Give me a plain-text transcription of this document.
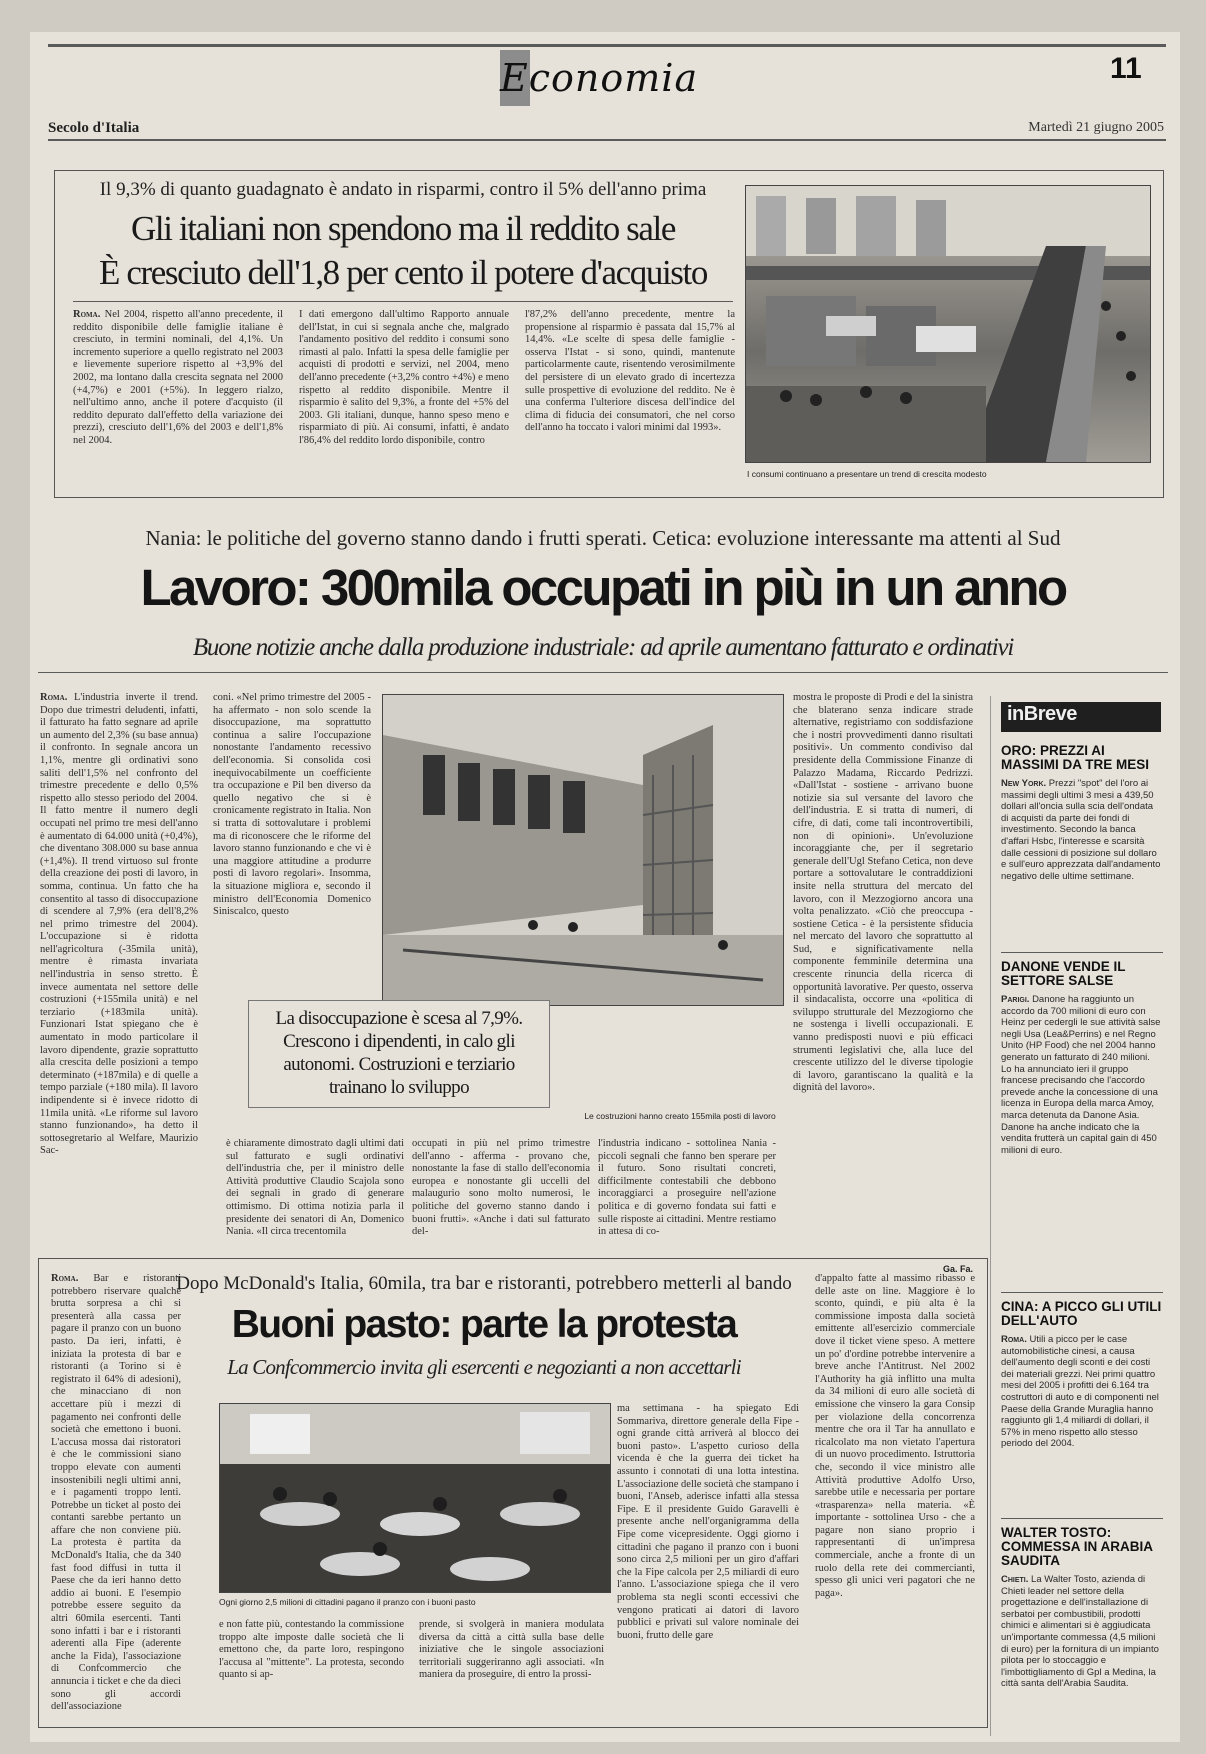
Economia	11
Secolo d'Italia	Martedì 21 giugno 2005
Il 9,3% di quanto guadagnato è andato in risparmi, contro il 5% dell'anno prima
Gli italiani non spendono ma il reddito sale
È cresciuto dell'1,8 per cento il potere d'acquisto
Roma. Nel 2004, rispetto all'anno precedente, il reddito disponibile delle famiglie italiane è cresciuto, in termini nominali, del 4,1%. Un incremento superiore a quello registrato nel 2003 e lievemente superiore rispetto al +3,9% del 2002, ma lontano dalla crescita segnata nel 2000 (+4,7%) e 2001 (+5%). In leggero rialzo, nell'ultimo anno, anche il potere d'acquisto (il reddito depurato dall'effetto della variazione dei prezzi), cresciuto dell'1,6% del 2003 e dell'1,8% nel 2004.
I dati emergono dall'ultimo Rapporto annuale dell'Istat, in cui si segnala anche che, malgrado l'andamento positivo del reddito i consumi sono rimasti al palo. Infatti la spesa delle famiglie per acquisti di prodotti e servizi, nel 2004, meno dell'anno precedente (+3,2% contro +4%) e meno rispetto al reddito disponibile. Mentre il risparmio è salito del 9,3%, a fronte del +5% del 2003. Gli italiani, dunque, hanno speso meno e risparmiato di più. Ai consumi, infatti, è andato l'86,4% del reddito lordo disponibile, contro
l'87,2% dell'anno precedente, mentre la propensione al risparmio è passata dal 15,7% al 14,4%. «Le scelte di spesa delle famiglie - osserva l'Istat - si sono, quindi, mantenute particolarmente caute, risentendo verosimilmente del persistere di un elevato grado di incertezza sulle prospettive di evoluzione del reddito. Ne è una conferma l'ulteriore discesa dell'indice del clima di fiducia dei consumatori, che nel corso dell'anno ha toccato i valori minimi dal 1993».
I consumi continuano a presentare un trend di crescita modesto
Nania: le politiche del governo stanno dando i frutti sperati. Cetica: evoluzione interessante ma attenti al Sud
Lavoro: 300mila occupati in più in un anno
Buone notizie anche dalla produzione industriale: ad aprile aumentano fatturato e ordinativi
Roma. L'industria inverte il trend. Dopo due trimestri deludenti, infatti, il fatturato ha fatto segnare ad aprile un aumento del 2,3% (su base annua) il confronto. In segnale ancora un 1,1%, mentre gli ordinativi sono saliti dell'1,5% nel confronto del trimestre precedente e dello 0,5% rispetto allo stesso periodo del 2004. Il fatto mentre il numero degli occupati nel primo tre mesi dell'anno è aumentato di 64.000 unità (+0,4%), che diventano 308.000 su base annua (+1,4%). Il trend virtuoso sul fronte della creazione dei posti di lavoro, in somma, continua. Un fatto che ha consentito al tasso di disoccupazione di scendere al 7,9% (era dell'8,2% nel primo trimestre del 2004). L'occupazione si è ridotta nell'agricoltura (-35mila unità), mentre è rimasta invariata nell'industria in senso stretto. È invece aumentata nel settore delle costruzioni (+155mila unità) e nel terziario (+183mila unità). Funzionari Istat spiegano che è aumentato in modo particolare il lavoro dipendente, grazie soprattutto alla crescita delle posizioni a tempo determinato (+187mila) e di quelle a tempo parziale (+180 mila). Il lavoro indipendente si è invece ridotto di 11mila unità. «Le riforme sul lavoro stanno funzionando», ha detto il sottosegretario al Welfare, Maurizio Sac-
coni. «Nel primo trimestre del 2005 - ha affermato - non solo scende la disoccupazione, ma soprattutto continua a salire l'occupazione nonostante l'andamento recessivo dell'economia. Si consolida così inequivocabilmente un coefficiente tra occupazione e Pil ben diverso da quello negativo che si è cronicamente registrato in Italia. Non si tratta di sottovalutare i problemi ma di riconoscere che le riforme del lavoro stanno funzionando e che vi è una maggiore attitudine a produrre posti di lavoro regolari». Insomma, la situazione migliora e, secondo il ministro dell'Economia Domenico Siniscalco, questo
La disoccupazione è scesa al 7,9%. Crescono i dipendenti, in calo gli autonomi. Costruzioni e terziario trainano lo sviluppo
Le costruzioni hanno creato 155mila posti di lavoro
mostra le proposte di Prodi e del la sinistra che blaterano senza indicare strade alternative, registriamo con soddisfazione che i nostri provvedimenti danno risultati positivi». Un commento condiviso dal presidente della Commissione Finanze di Palazzo Madama, Riccardo Pedrizzi. «Dall'Istat - sostiene - arrivano buone notizie sia sul versante del lavoro che dell'industria. E si tratta di numeri, di cifre, di dati, come tali incontrovertibili, non di opinioni». Un'evoluzione incoraggiante che, per il segretario generale dell'Ugl Stefano Cetica, non deve portare a sottovalutare le contraddizioni insite nella struttura del mercato del lavoro, con il Mezzogiorno ancora una volta penalizzato. «Ciò che preoccupa - sostiene Cetica - è la persistente sfiducia nel mercato del lavoro che soprattutto al Sud, e significativamente nella componente femminile determina una crescente rinuncia della ricerca di opportunità lavorative. Per questo, osserva il sindacalista, occorre una «politica di sviluppo strutturale del Mezzogiorno che ne sostenga i livelli occupazionali. E vanno predisposti nuovi e più efficaci strumenti legislativi che, alla luce del crescente utilizzo del le diverse tipologie di lavoro, garantiscano la qualità e la dignità del lavoro».
Ga. Fa.
è chiaramente dimostrato dagli ultimi dati sul fatturato e sugli ordinativi dell'industria che, per il ministro delle Attività produttive Claudio Scajola sono dei segnali in grado di generare ottimismo. Di ottima notizia parla il presidente dei senatori di An, Domenico Nania. «Il circa trecentomila
occupati in più nel primo trimestre dell'anno - afferma - provano che, nonostante la fase di stallo dell'economia europea e nonostante gli uccelli del malaugurio sono molto numerosi, le politiche del governo stanno dando i buoni frutti». «Anche i dati sul fatturato del-
l'industria indicano - sottolinea Nania - piccoli segnali che fanno ben sperare per il futuro. Sono risultati concreti, difficilmente contestabili che debbono incoraggiarci a proseguire nell'azione politica e di governo fondata sui fatti e sulle risposte ai cittadini. Mentre restiamo in attesa di co-
inBreve
ORO: PREZZI AI MASSIMI DA TRE MESI
New York. Prezzi "spot" del l'oro ai massimi degli ultimi 3 mesi a 439,50 dollari all'oncia sulla scia dell'ondata di acquisti da parte dei fondi di investimento. Secondo la banca d'affari Hsbc, l'interesse e scarsità dalle cessioni di posizione sul dollaro e sull'euro apprezzata dall'andamento negativo delle ultime settimane.
DANONE VENDE IL SETTORE SALSE
Parigi. Danone ha raggiunto un accordo da 700 milioni di euro con Heinz per cedergli le sue attività salse negli Usa (Lea&Perrins) e nel Regno Unito (HP Food) che nel 2004 hanno generato un fatturato di 240 milioni. Lo ha annunciato ieri il gruppo francese precisando che l'accordo prevede anche la concessione di una licenza in Europa della marca Amoy, marca detenuta da Danone Asia. Danone ha anche indicato che la vendita frutterà un capital gain di 450 milioni di euro.
CINA: A PICCO GLI UTILI DELL'AUTO
Roma. Utili a picco per le case automobilistiche cinesi, a causa dell'aumento degli sconti e dei costi dei materiali grezzi. Nei primi quattro mesi del 2005 i profitti dei 6.164 tra costruttori di auto e di componenti nel Paese della Grande Muraglia hanno raggiunto gli 1,4 miliardi di dollari, il 57% in meno rispetto allo stesso periodo del 2004.
WALTER TOSTO: COMMESSA IN ARABIA SAUDITA
Chieti. La Walter Tosto, azienda di Chieti leader nel settore della progettazione e dell'installazione di serbatoi per combustibili, prodotti chimici e alimentari si è aggiudicata un'importante commessa (4,5 milioni di euro) per la fornitura di un impianto pilota per lo stoccaggio e l'imbottigliamento di Gpl a Medina, la città santa dell'Arabia Saudita.
Roma. Bar e ristoranti potrebbero riservare qualche brutta sorpresa a chi si presenterà alla cassa per pagare il pranzo con un buono pasto. Da ieri, infatti, è iniziata la protesta di bar e ristoranti (a Torino si è registrato il 64% di adesioni), che minacciano di non accettare più i mezzi di pagamento nei confronti delle società che emettono i buoni. L'accusa mossa dai ristoratori è che le commissioni siano troppo elevate con aumenti insostenibili negli ultimi anni, e i pagamenti troppo lenti. Potrebbe un ticket al posto dei contanti sarebbe pertanto un affare che non conviene più. La protesta è partita da McDonald's Italia, che da 340 fast food diffusi in tutta il Paese che da ieri hanno detto addio ai buoni. E l'esempio potrebbe essere seguito da altri 60mila esercenti. Tanti sono infatti i bar e i ristoranti aderenti alla Fipe (aderente anche la Fida), l'associazione di Confcommercio che annuncia i ticket e che da dieci sono gli accordi dell'associazione
Dopo McDonald's Italia, 60mila, tra bar e ristoranti, potrebbero metterli al bando
Buoni pasto: parte la protesta
La Confcommercio invita gli esercenti e negozianti a non accettarli
Ogni giorno 2,5 milioni di cittadini pagano il pranzo con i buoni pasto
ma settimana - ha spiegato Edi Sommariva, direttore generale della Fipe - ogni grande città arriverà al blocco dei buoni pasto». L'aspetto curioso della vicenda è che la guerra dei ticket ha assunto i connotati di una lotta intestina. L'associazione delle società che stampano i buoni, l'Anseb, aderisce infatti alla stessa Fipe. E il presidente Guido Garavelli è presente anche nell'organigramma della Fipe come vicepresidente. Oggi giorno i cittadini che pagano il pranzo con i buoni sono circa 2,5 milioni per un giro d'affari che la Fipe calcola per 2,5 miliardi di euro l'anno. L'associazione spiega che il vero problema sta negli sconti eccessivi che vengono praticati ai datori di lavoro pubblici e privati sul valore nominale dei buoni, frutto delle gare
d'appalto fatte al massimo ribasso e delle aste on line. Maggiore è lo sconto, quindi, e più alta è la commissione imposta dalla società emittente all'esercizio commerciale dove il ticket viene speso. A mettere un po' d'ordine potrebbe intervenire a breve anche l'Antitrust. Nel 2002 l'Authority ha già inflitto una multa da 34 milioni di euro alle società di emissione che vinsero la gara Consip per violazione della concorrenza mentre che ora il Tar ha annullato e ricalcolato ma non vietato l'apertura di un nuovo procedimento. Istruttoria che, secondo il vice ministro alle Attività produttive Adolfo Urso, sarebbe utile e necessaria per portare «trasparenza» nella materia. «È importante - sottolinea Urso - che a pagare non siano proprio i rappresentanti di un'impresa commerciale, anche a fronte di un ruolo della rete dei commercianti, spesso gli unici veri pagatori che ne paga».
e non fatte più, contestando la commissione troppo alte imposte dalle società che li emettono che, da parte loro, respingono l'accusa al "mittente". La protesta, secondo quanto si ap-
prende, si svolgerà in maniera modulata diversa da città a città sulla base delle iniziative che le singole associazioni territoriali suggeriranno agli associati. «In maniera da proseguire, di entro la prossi-
